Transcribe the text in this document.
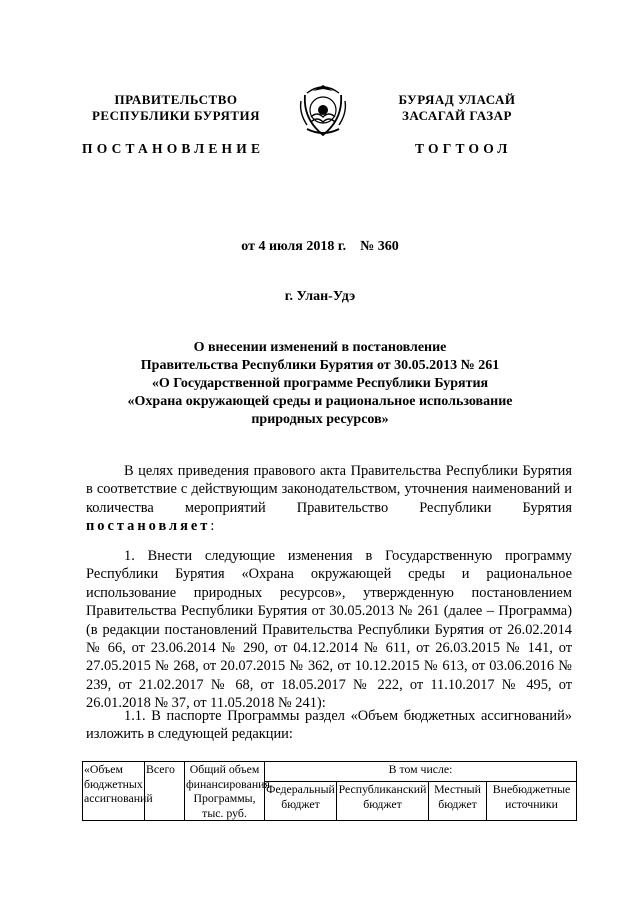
ПРАВИТЕЛЬСТВО
РЕСПУБЛИКИ БУРЯТИЯ
БУРЯАД УЛАСАЙ
ЗАСАГАЙ ГАЗАР
ПОСТАНОВЛЕНИЕ	ТОГТООЛ
от 4 июля 2018 г. № 360
г. Улан-Удэ
О внесении изменений в постановление
Правительства Республики Бурятия от 30.05.2013 № 261
«О Государственной программе Республики Бурятия
«Охрана окружающей среды и рациональное использование
природных ресурсов»

В целях приведения правового акта Правительства Республики Бурятия в соответствие с действующим законодательством, уточнения наименований и количества мероприятий Правительство Республики Бурятия постановляет:

1. Внести следующие изменения в Государственную программу Республики Бурятия «Охрана окружающей среды и рациональное использование природных ресурсов», утвержденную постановлением Правительства Республики Бурятия от 30.05.2013 № 261 (далее – Программа) (в редакции постановлений Правительства Республики Бурятия от 26.02.2014 № 66, от 23.06.2014 № 290, от 04.12.2014 № 611, от 26.03.2015 № 141, от 27.05.2015 № 268, от 20.07.2015 № 362, от 10.12.2015 № 613, от 03.06.2016 № 239, от 21.02.2017 № 68, от 18.05.2017 № 222, от 11.10.2017 № 495, от 26.01.2018 № 37, от 11.05.2018 № 241):

1.1. В паспорте Программы раздел «Объем бюджетных ассигнований» изложить в следующей редакции:

«Объем бюджетных ассигнований	Всего	Общий объем финансирования Программы, тыс. руб.	В том числе:			
			Федеральный бюджет	Республиканский бюджет	Местный бюджет	Внебюджетные источники
